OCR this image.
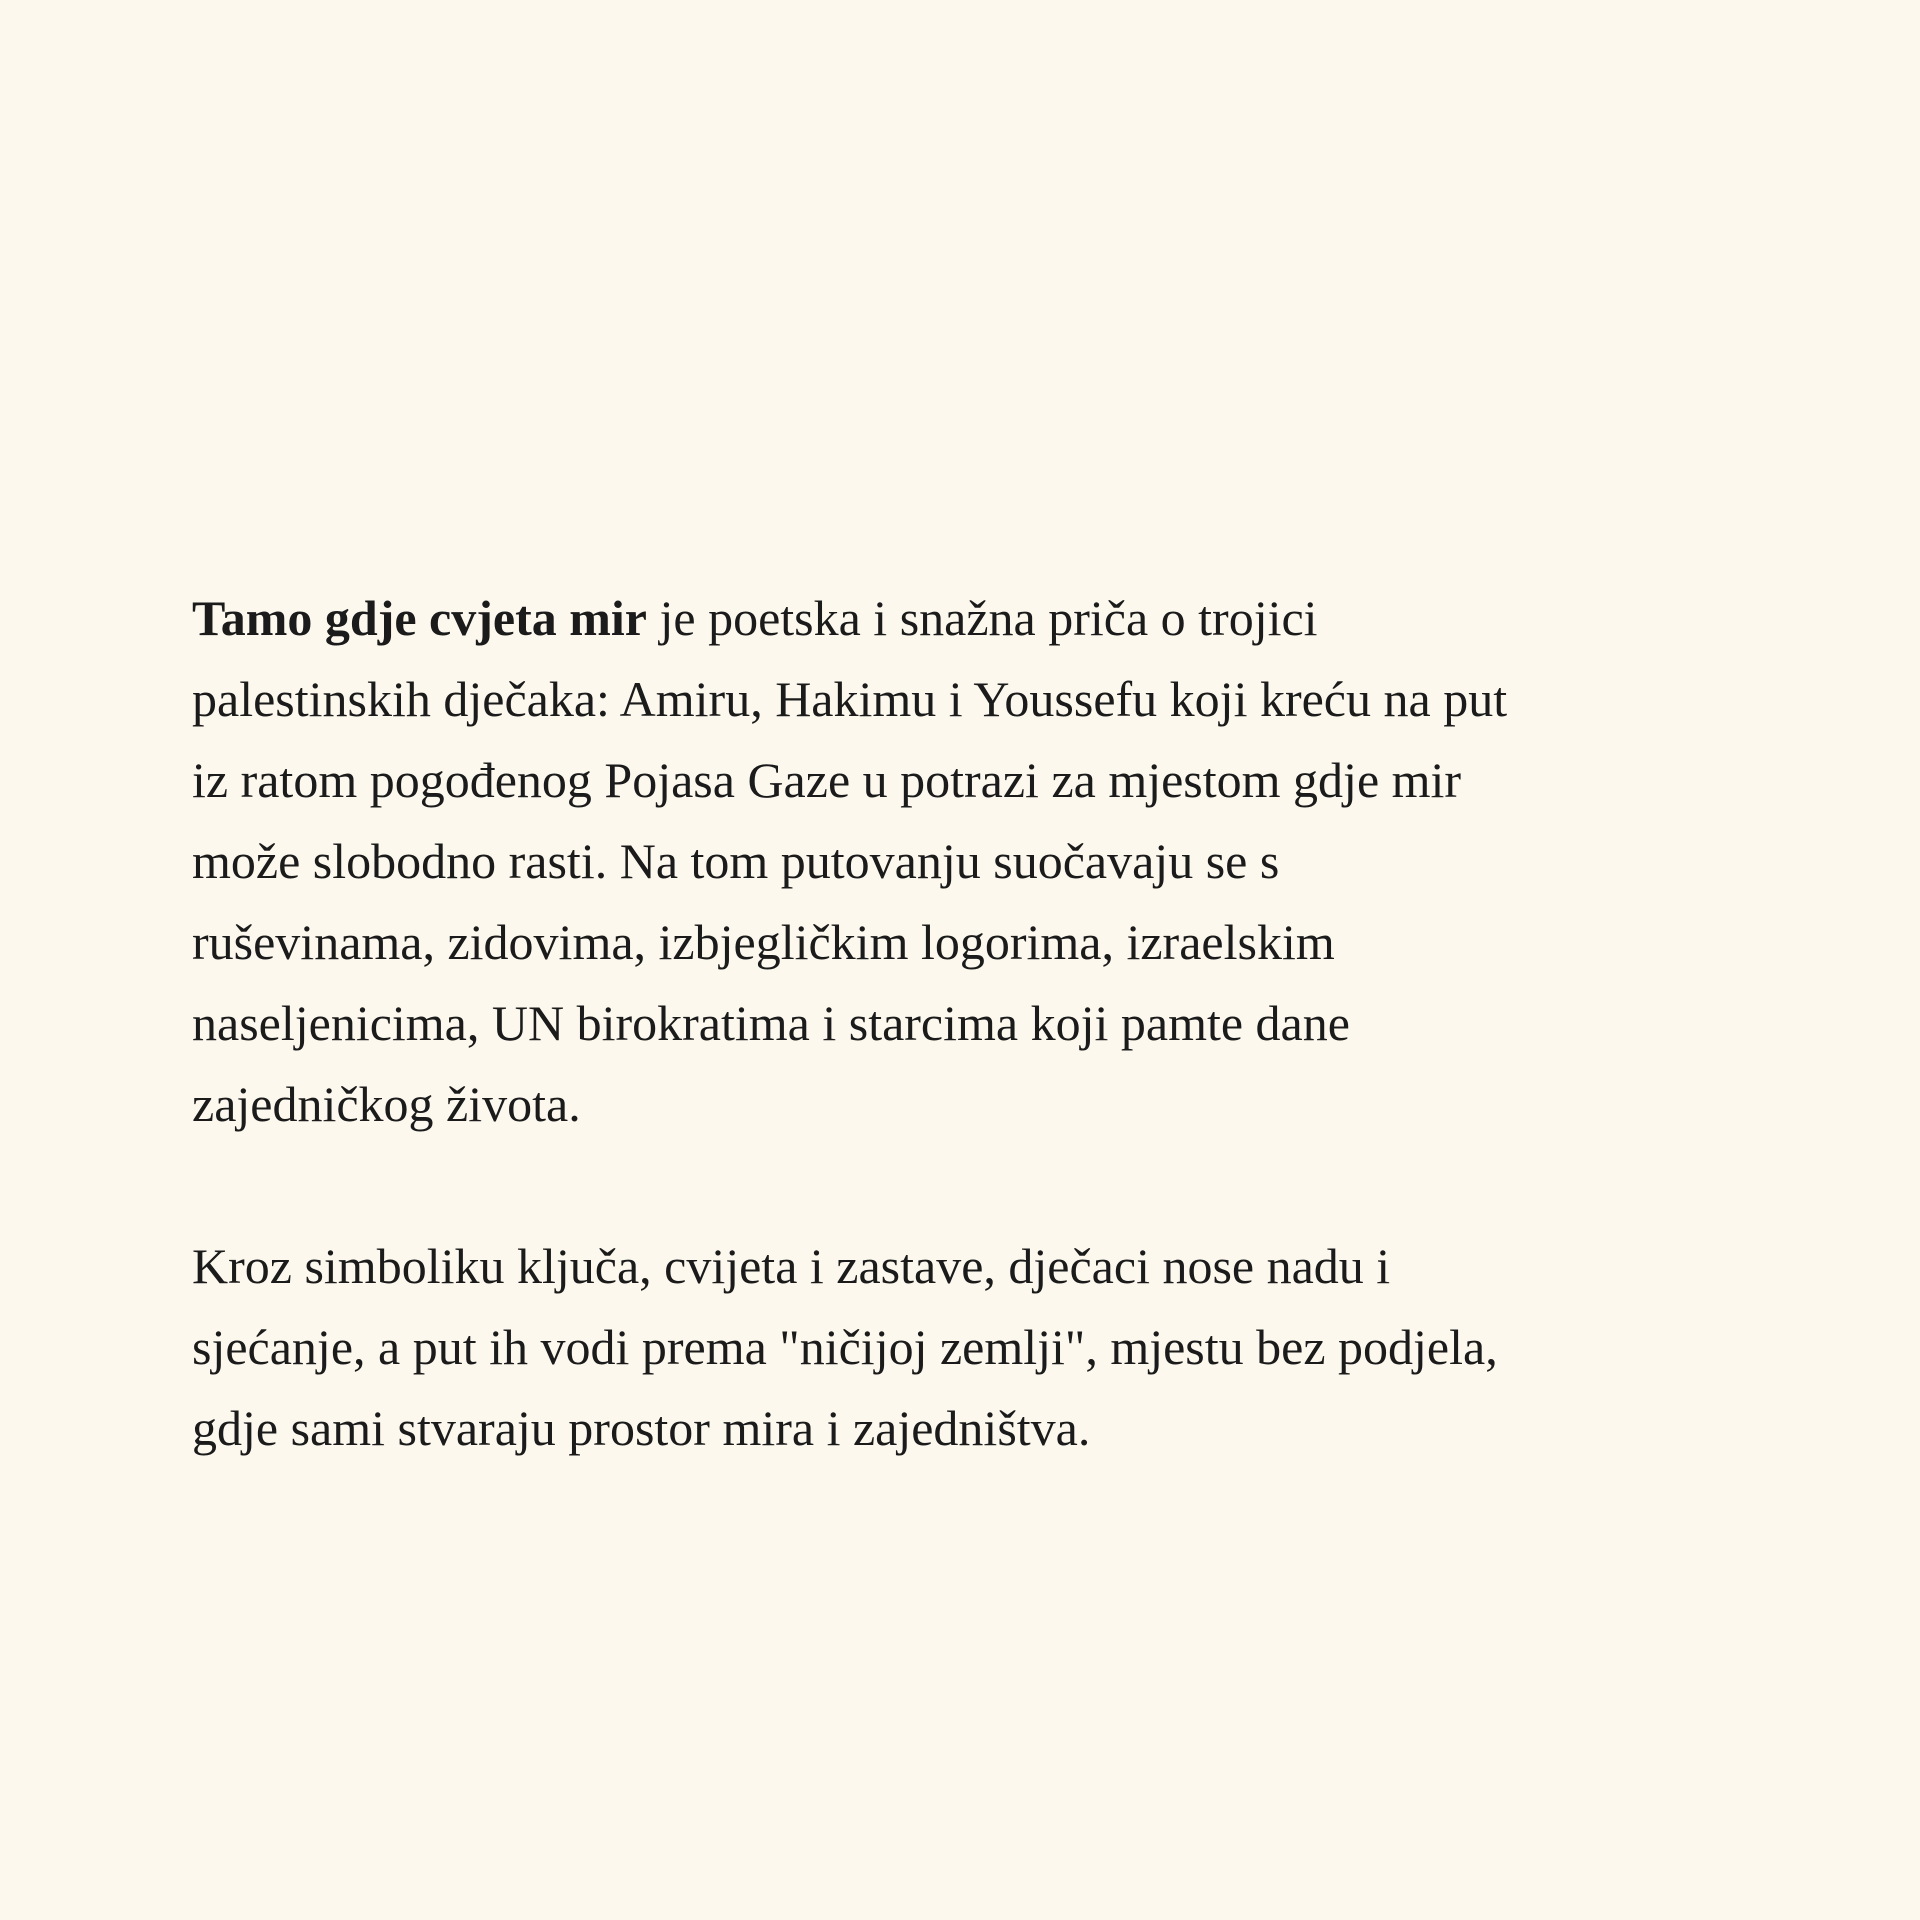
Tamo gdje cvjeta mir je poetska i snažna priča o trojici
palestinskih dječaka: Amiru, Hakimu i Youssefu koji kreću na put
iz ratom pogođenog Pojasa Gaze u potrazi za mjestom gdje mir
može slobodno rasti. Na tom putovanju suočavaju se s
ruševinama, zidovima, izbjegličkim logorima, izraelskim
naseljenicima, UN birokratima i starcima koji pamte dane
zajedničkog života.

Kroz simboliku ključa, cvijeta i zastave, dječaci nose nadu i
sjećanje, a put ih vodi prema "ničijoj zemlji", mjestu bez podjela,
gdje sami stvaraju prostor mira i zajedništva.
